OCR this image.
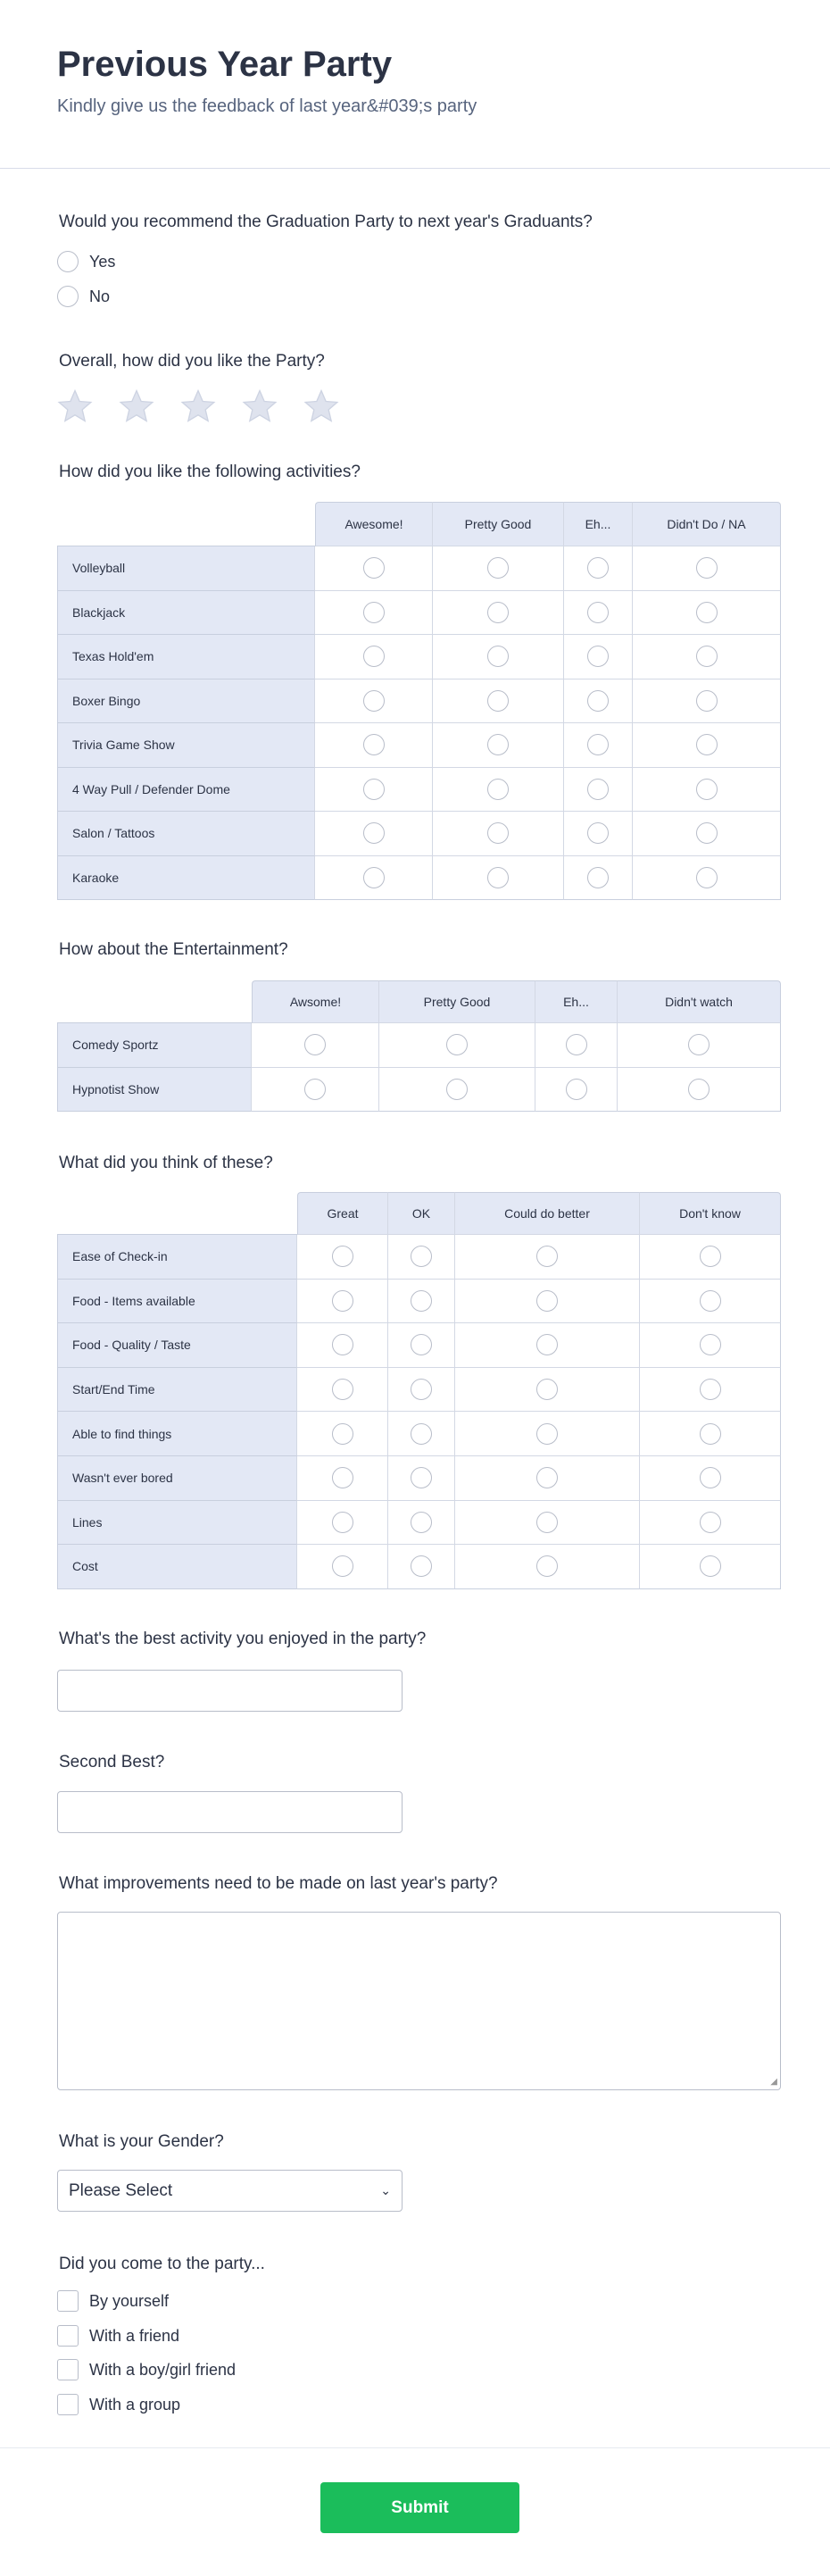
Previous Year Party
Kindly give us the feedback of last year&#039;s party
Would you recommend the Graduation Party to next year's Graduants?
Yes
No
Overall, how did you like the Party?
How did you like the following activities?
Awesome!	Pretty Good	Eh...	Didn't Do / NA
Volleyball
Blackjack
Texas Hold'em
Boxer Bingo
Trivia Game Show
4 Way Pull / Defender Dome
Salon / Tattoos
Karaoke
How about the Entertainment?
Awsome!	Pretty Good	Eh...	Didn't watch
Comedy Sportz
Hypnotist Show
What did you think of these?
Great	OK	Could do better	Don't know
Ease of Check-in
Food - Items available
Food - Quality / Taste
Start/End Time
Able to find things
Wasn't ever bored
Lines
Cost
What's the best activity you enjoyed in the party?
Second Best?
What improvements need to be made on last year's party?
◢
What is your Gender?
Please Select	⌄
Did you come to the party...
By yourself
With a friend
With a boy/girl friend
With a group
Submit
